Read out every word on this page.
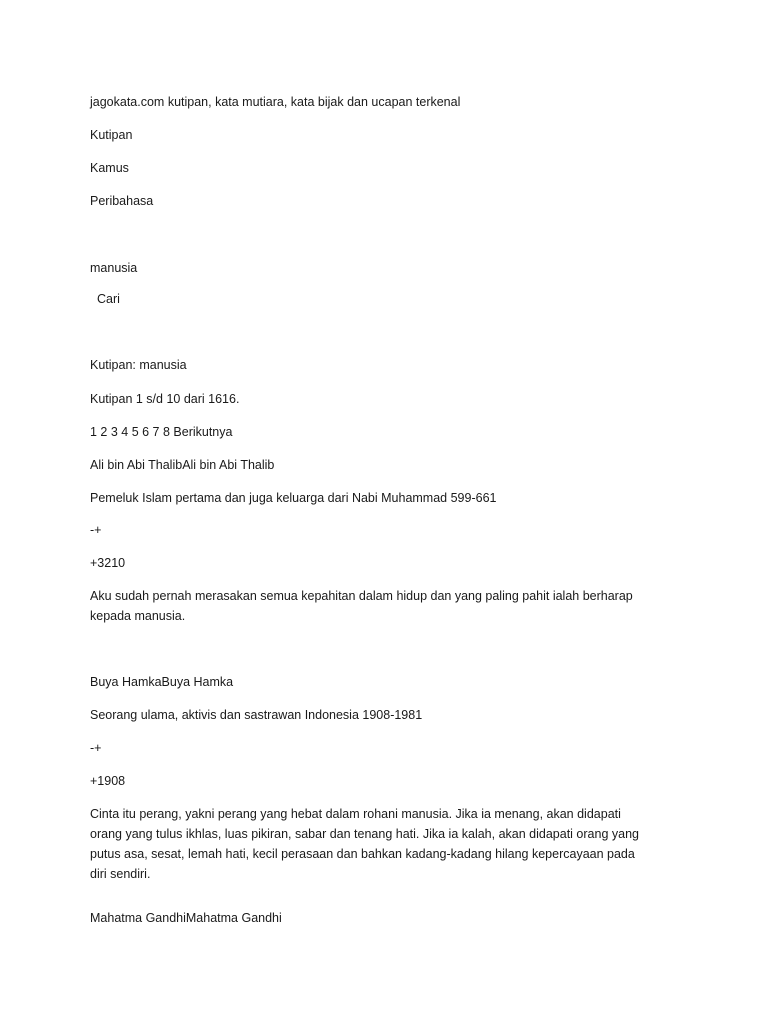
jagokata.com kutipan, kata mutiara, kata bijak dan ucapan terkenal
Kutipan
Kamus
Peribahasa
manusia
Cari
Kutipan: manusia
Kutipan 1 s/d 10 dari 1616.
1 2 3 4 5 6 7 8 Berikutnya
Ali bin Abi ThalibAli bin Abi Thalib
Pemeluk Islam pertama dan juga keluarga dari Nabi Muhammad 599-661
-+
+3210
Aku sudah pernah merasakan semua kepahitan dalam hidup dan yang paling pahit ialah berharap kepada manusia.
Buya HamkaBuya Hamka
Seorang ulama, aktivis dan sastrawan Indonesia 1908-1981
-+
+1908
Cinta itu perang, yakni perang yang hebat dalam rohani manusia. Jika ia menang, akan didapati orang yang tulus ikhlas, luas pikiran, sabar dan tenang hati. Jika ia kalah, akan didapati orang yang putus asa, sesat, lemah hati, kecil perasaan dan bahkan kadang-kadang hilang kepercayaan pada diri sendiri.
Mahatma GandhiMahatma Gandhi
